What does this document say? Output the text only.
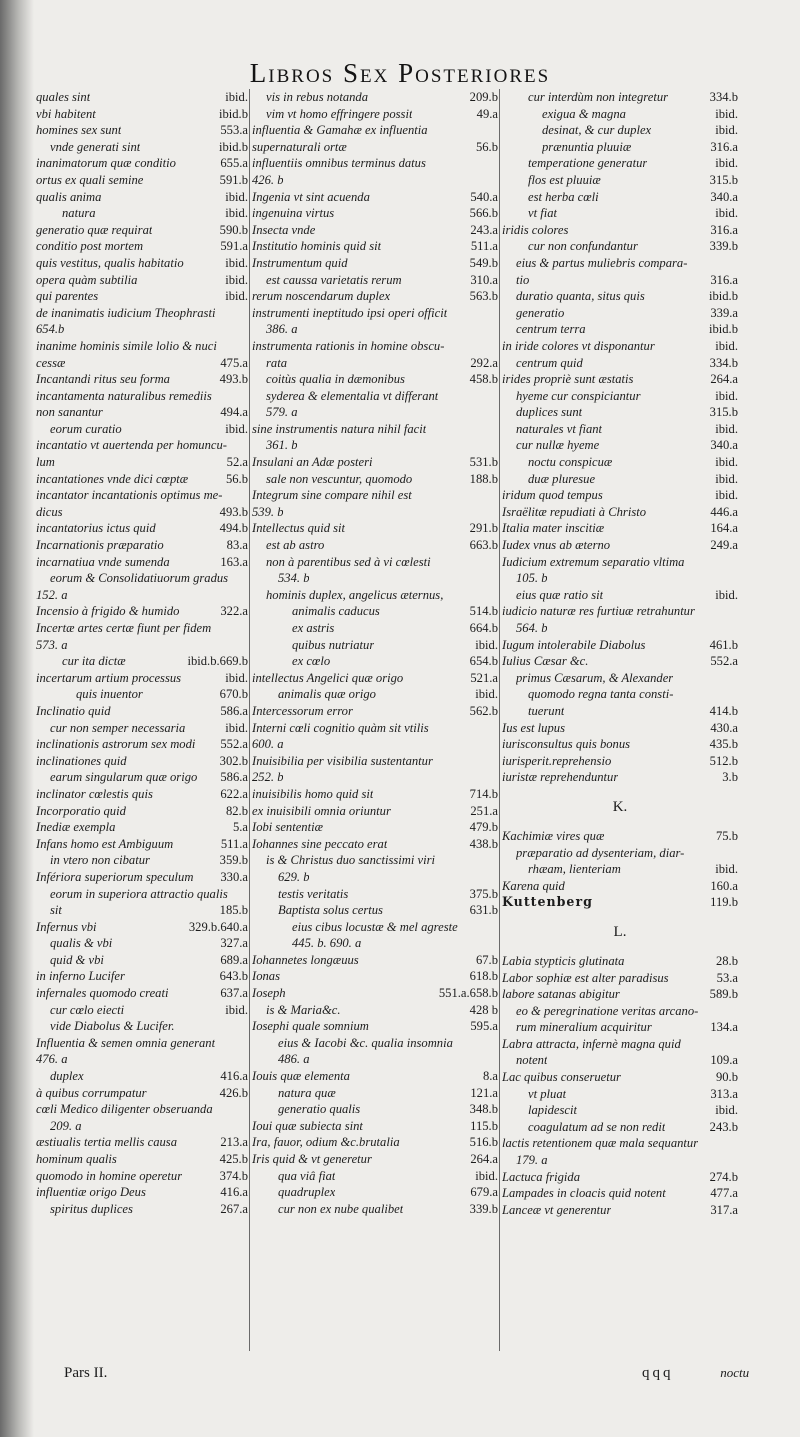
Libros Sex Posteriores
quales sint	ibid.
vbi habitent	ibid.b
homines sex sunt	553.a
vnde generati sint	ibid.b
inanimatorum quæ conditio	655.a
ortus ex quali semine	591.b
qualis anima	ibid.
natura	ibid.
generatio quæ requirat	590.b
conditio post mortem	591.a
quis vestitus, qualis habitatio	ibid.
opera quàm subtilia	ibid.
qui parentes	ibid.
de inanimatis iudicium Theophrasti
654.b
inanime hominis simile lolio & nuci
cessæ	475.a
Incantandi ritus seu forma	493.b
incantamenta naturalibus remediis
non sanantur	494.a
eorum curatio	ibid.
incantatio vt auertenda per homuncu-
lum	52.a
incantationes vnde dici cœptæ	56.b
incantator incantationis optimus me-
dicus	493.b
incantatorius ictus quid	494.b
Incarnationis præparatio	83.a
incarnatiua vnde sumenda	163.a
eorum & Consolidatiuorum gradus
152. a
Incensio à frigido & humido	322.a
Incertæ artes certæ fiunt per fidem
573. a
cur ita dictæ	ibid.b.669.b
incertarum artium processus	ibid.
quis inuentor	670.b
Inclinatio quid	586.a
cur non semper necessaria	ibid.
inclinationis astrorum sex modi	552.a
inclinationes quid	302.b
earum singularum quæ origo	586.a
inclinator cœlestis quis	622.a
Incorporatio quid	82.b
Inediæ exempla	5.a
Infans homo est Ambiguum	511.a
in vtero non cibatur	359.b
Infériora superiorum speculum	330.a
eorum in superiora attractio qualis
sit	185.b
Infernus vbi	329.b.640.a
qualis & vbi	327.a
quid & vbi	689.a
in inferno Lucifer	643.b
infernales quomodo creati	637.a
cur cœlo eiecti	ibid.
vide Diabolus & Lucifer.
Influentia & semen omnia generant
476. a
duplex	416.a
à quibus corrumpatur	426.b
cœli Medico diligenter obseruanda
209. a
æstiualis tertia mellis causa	213.a
hominum qualis	425.b
quomodo in homine operetur	374.b
influentiæ origo Deus	416.a
spiritus duplices	267.a
vis in rebus notanda	209.b
vim vt homo effringere possit	49.a
influentia & Gamahæ ex influentia
supernaturali ortæ	56.b
influentiis omnibus terminus datus
426. b
Ingenia vt sint acuenda	540.a
ingenuina virtus	566.b
Insecta vnde	243.a
Institutio hominis quid sit	511.a
Instrumentum quid	549.b
est caussa varietatis rerum	310.a
rerum noscendarum duplex	563.b
instrumenti ineptitudo ipsi operi officit
386. a
instrumenta rationis in homine obscu-
rata	292.a
coitùs qualia in dæmonibus	458.b
syderea & elementalia vt differant
579. a
sine instrumentis natura nihil facit
361. b
Insulani an Adæ posteri	531.b
sale non vescuntur, quomodo	188.b
Integrum sine compare nihil est
539. b
Intellectus quid sit	291.b
est ab astro	663.b
non à parentibus sed à vi cœlesti
534. b
hominis duplex, angelicus æternus,
animalis caducus	514.b
ex astris	664.b
quibus nutriatur	ibid.
ex cœlo	654.b
intellectus Angelici quæ origo	521.a
animalis quæ origo	ibid.
Intercessorum error	562.b
Interni cœli cognitio quàm sit vtilis
600. a
Inuisibilia per visibilia sustentantur
252. b
inuisibilis homo quid sit	714.b
ex inuisibili omnia oriuntur	251.a
Iobi sententiæ	479.b
Iohannes sine peccato erat	438.b
is & Christus duo sanctissimi viri
629. b
testis veritatis	375.b
Baptista solus certus	631.b
eius cibus locustæ & mel agreste
445. b. 690. a
Iohannetes longæuus	67.b
Ionas	618.b
Ioseph	551.a.658.b
is & Maria&c.	428 b
Iosephi quale somnium	595.a
eius & Iacobi &c. qualia insomnia
486. a
Iouis quæ elementa	8.a
natura quæ	121.a
generatio qualis	348.b
Ioui quæ subiecta sint	115.b
Ira, fauor, odium &c.brutalia	516.b
Iris quid & vt generetur	264.a
qua viâ fiat	ibid.
quadruplex	679.a
cur non ex nube qualibet	339.b
cur interdùm non integretur	334.b
exigua & magna	ibid.
desinat, & cur duplex	ibid.
prænuntia pluuiæ	316.a
temperatione generatur	ibid.
flos est pluuiæ	315.b
est herba cœli	340.a
vt fiat	ibid.
iridis colores	316.a
cur non confundantur	339.b
eius & partus muliebris compara-
tio	316.a
duratio quanta, situs quis	ibid.b
generatio	339.a
centrum terra	ibid.b
in iride colores vt disponantur	ibid.
centrum quid	334.b
irides propriè sunt æstatis	264.a
hyeme cur conspiciantur	ibid.
duplices sunt	315.b
naturales vt fiant	ibid.
cur nullæ hyeme	340.a
noctu conspicuæ	ibid.
duæ pluresue	ibid.
iridum quod tempus	ibid.
Israëlitæ repudiati à Christo	446.a
Italia mater inscitiæ	164.a
Iudex vnus ab æterno	249.a
Iudicium extremum separatio vltima
105. b
eius quæ ratio sit	ibid.
iudicio naturæ res furtiuæ retrahuntur
564. b
Iugum intolerabile Diabolus	461.b
Iulius Cæsar &c.	552.a
primus Cæsarum, & Alexander
quomodo regna tanta consti-
tuerunt	414.b
Ius est lupus	430.a
iurisconsultus quis bonus	435.b
iurisperit.reprehensio	512.b
iuristæ reprehenduntur	3.b
K.
Kachimiæ vires quæ	75.b
præparatio ad dysenteriam, diar-
rhæam, lienteriam	ibid.
Karena quid	160.a
Kuttenberg	119.b
L.
Labia stypticis glutinata	28.b
Labor sophiæ est alter paradisus	53.a
labore satanas abigitur	589.b
eo & peregrinatione veritas arcano-
rum mineralium acquiritur	134.a
Labra attracta, infernè magna quid
notent	109.a
Lac quibus conseruetur	90.b
vt pluat	313.a
lapidescit	ibid.
coagulatum ad se non redit	243.b
lactis retentionem quæ mala sequantur
179. a
Lactuca frigida	274.b
Lampades in cloacis quid notent	477.a
Lanceæ vt generentur	317.a
Pars II.	qqq	noctu
